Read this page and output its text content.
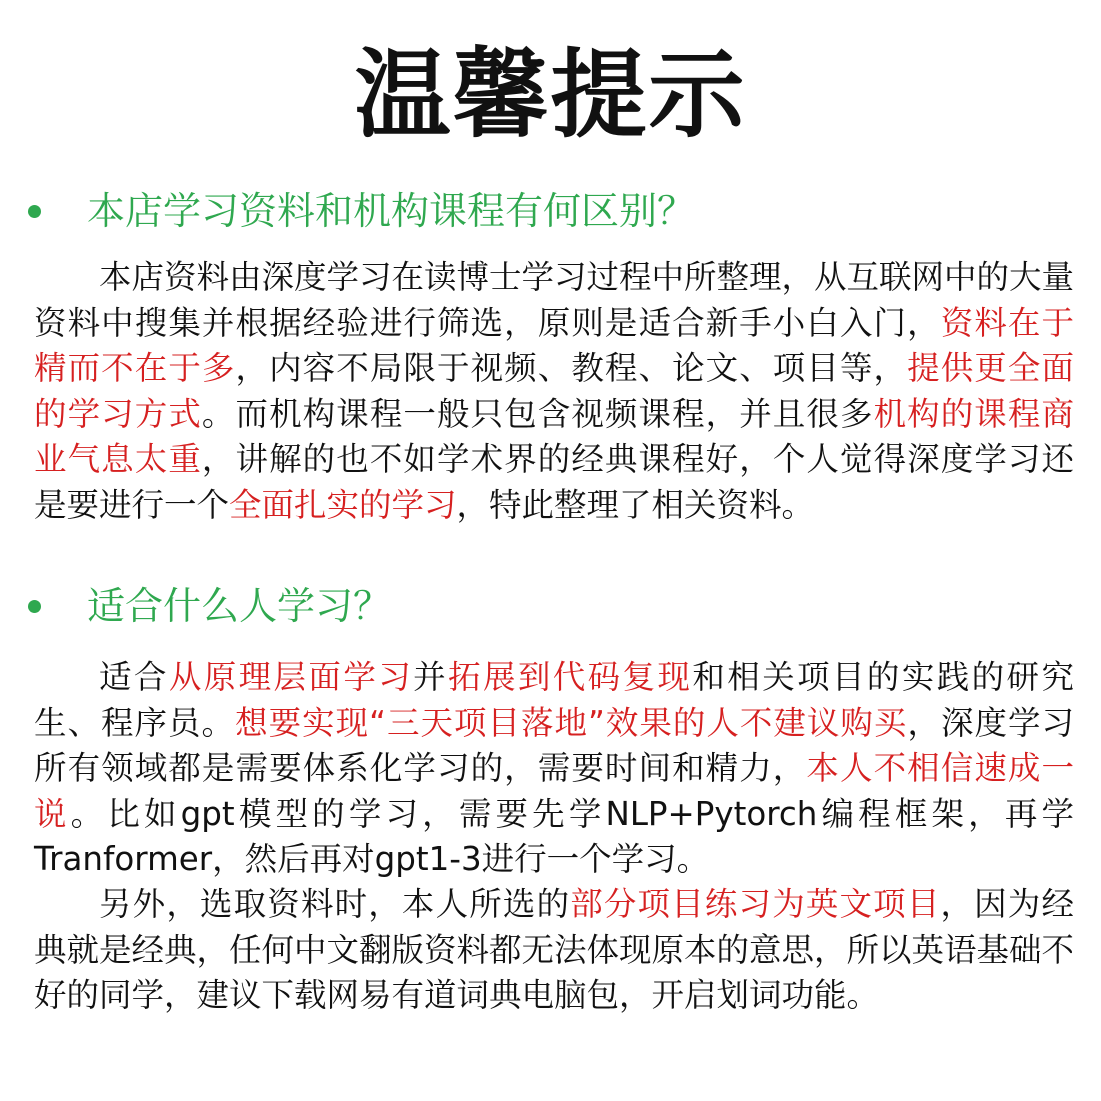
温馨提示
本店学习资料和机构课程有何区别？
本店资料由深度学习在读博士学习过程中所整理，从互联网中的大量资料中搜集并根据经验进行筛选，原则是适合新手小白入门，资料在于精而不在于多，内容不局限于视频、教程、论文、项目等，提供更全面的学习方式。而机构课程一般只包含视频课程，并且很多机构的课程商业气息太重，讲解的也不如学术界的经典课程好，个人觉得深度学习还是要进行一个全面扎实的学习，特此整理了相关资料。
适合什么人学习？
适合从原理层面学习并拓展到代码复现和相关项目的实践的研究生、程序员。想要实现“三天项目落地”效果的人不建议购买，深度学习所有领域都是需要体系化学习的，需要时间和精力，本人不相信速成一说。比如gpt模型的学习，需要先学NLP+Pytorch编程框架，再学Tranformer，然后再对gpt1-3进行一个学习。
另外，选取资料时，本人所选的部分项目练习为英文项目，因为经典就是经典，任何中文翻版资料都无法体现原本的意思，所以英语基础不好的同学，建议下载网易有道词典电脑包，开启划词功能。
